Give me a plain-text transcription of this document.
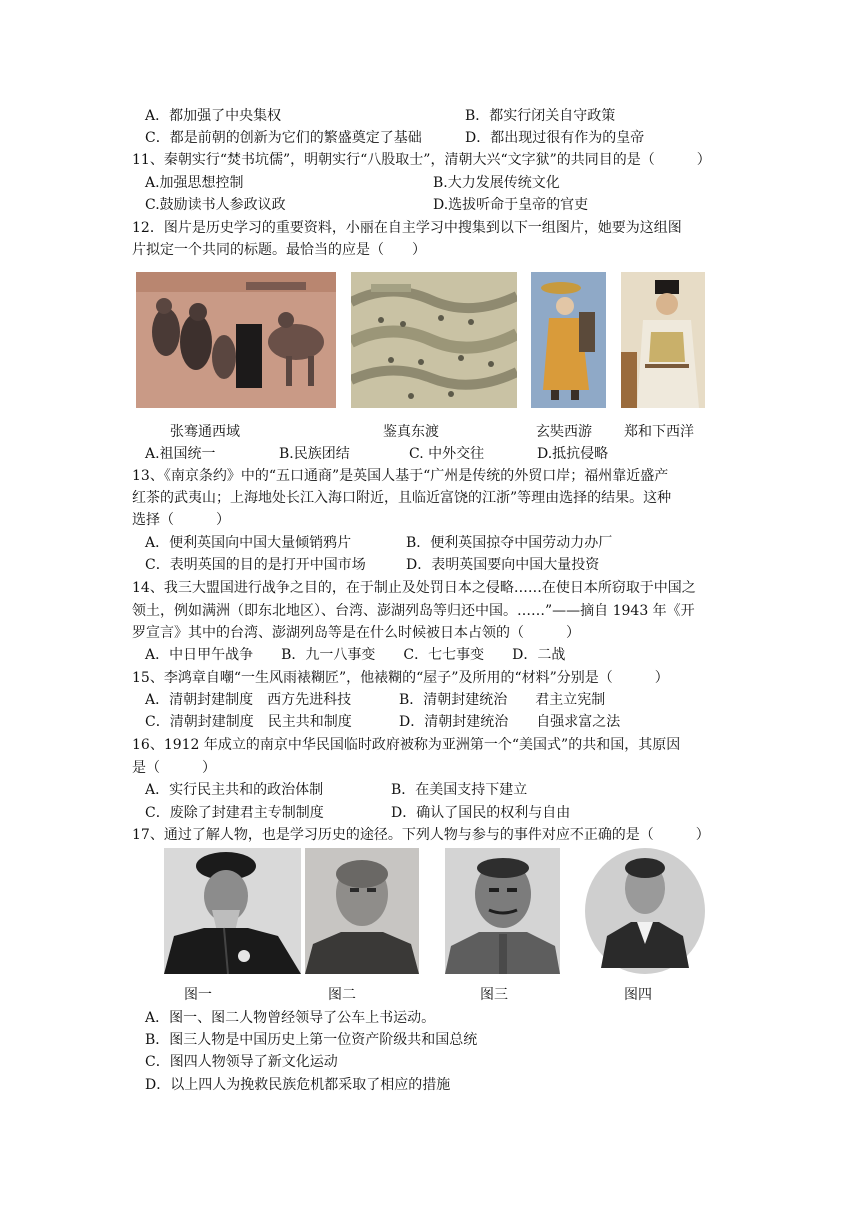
A．都加强了中央集权	B．都实行闭关自守政策
C．都是前朝的创新为它们的繁盛奠定了基础	D．都出现过很有作为的皇帝
11、秦朝实行“焚书坑儒”，明朝实行“八股取士”，清朝大兴“文字狱”的共同目的是（　　　）
A.加强思想控制	B.大力发展传统文化
C.鼓励读书人参政议政	D.选拔听命于皇帝的官吏
12．图片是历史学习的重要资料，小丽在自主学习中搜集到以下一组图片，她要为这组图
片拟定一个共同的标题。最恰当的应是（　　）
张骞通西域	鉴真东渡	玄奘西游 郑和下西洋
A.祖国统一	B.民族团结	C. 中外交往	D.抵抗侵略
13、《南京条约》中的“五口通商”是英国人基于“广州是传统的外贸口岸；福州靠近盛产
红茶的武夷山；上海地处长江入海口附近，且临近富饶的江浙”等理由选择的结果。这种
选择（　　　）
A．便利英国向中国大量倾销鸦片	B．便利英国掠夺中国劳动力办厂
C．表明英国的目的是打开中国市场	D．表明英国要向中国大量投资
14、我三大盟国进行战争之目的，在于制止及处罚日本之侵略……在使日本所窃取于中国之
领土，例如满洲（即东北地区）、台湾、澎湖列岛等归还中国。……”——摘自 1943 年《开
罗宣言》其中的台湾、澎湖列岛等是在什么时候被日本占领的（　　　）
A．中日甲午战争　　B．九一八事变　　C．七七事变　　D．二战
15、李鸿章自嘲“一生风雨裱糊匠”，他裱糊的“屋子”及所用的“材料”分别是（　　　）
A．清朝封建制度　西方先进科技	B．清朝封建统治　　君主立宪制
C．清朝封建制度　民主共和制度	D．清朝封建统治　　自强求富之法
16、1912 年成立的南京中华民国临时政府被称为亚洲第一个“美国式”的共和国，其原因
是（　　　）
A．实行民主共和的政治体制	B．在美国支持下建立
C．废除了封建君主专制制度	D．确认了国民的权利与自由
17、通过了解人物，也是学习历史的途径。下列人物与参与的事件对应不正确的是（　　　）
图一	图二	图三	图四
A．图一、图二人物曾经领导了公车上书运动。
B．图三人物是中国历史上第一位资产阶级共和国总统
C．图四人物领导了新文化运动
D．以上四人为挽救民族危机都采取了相应的措施
